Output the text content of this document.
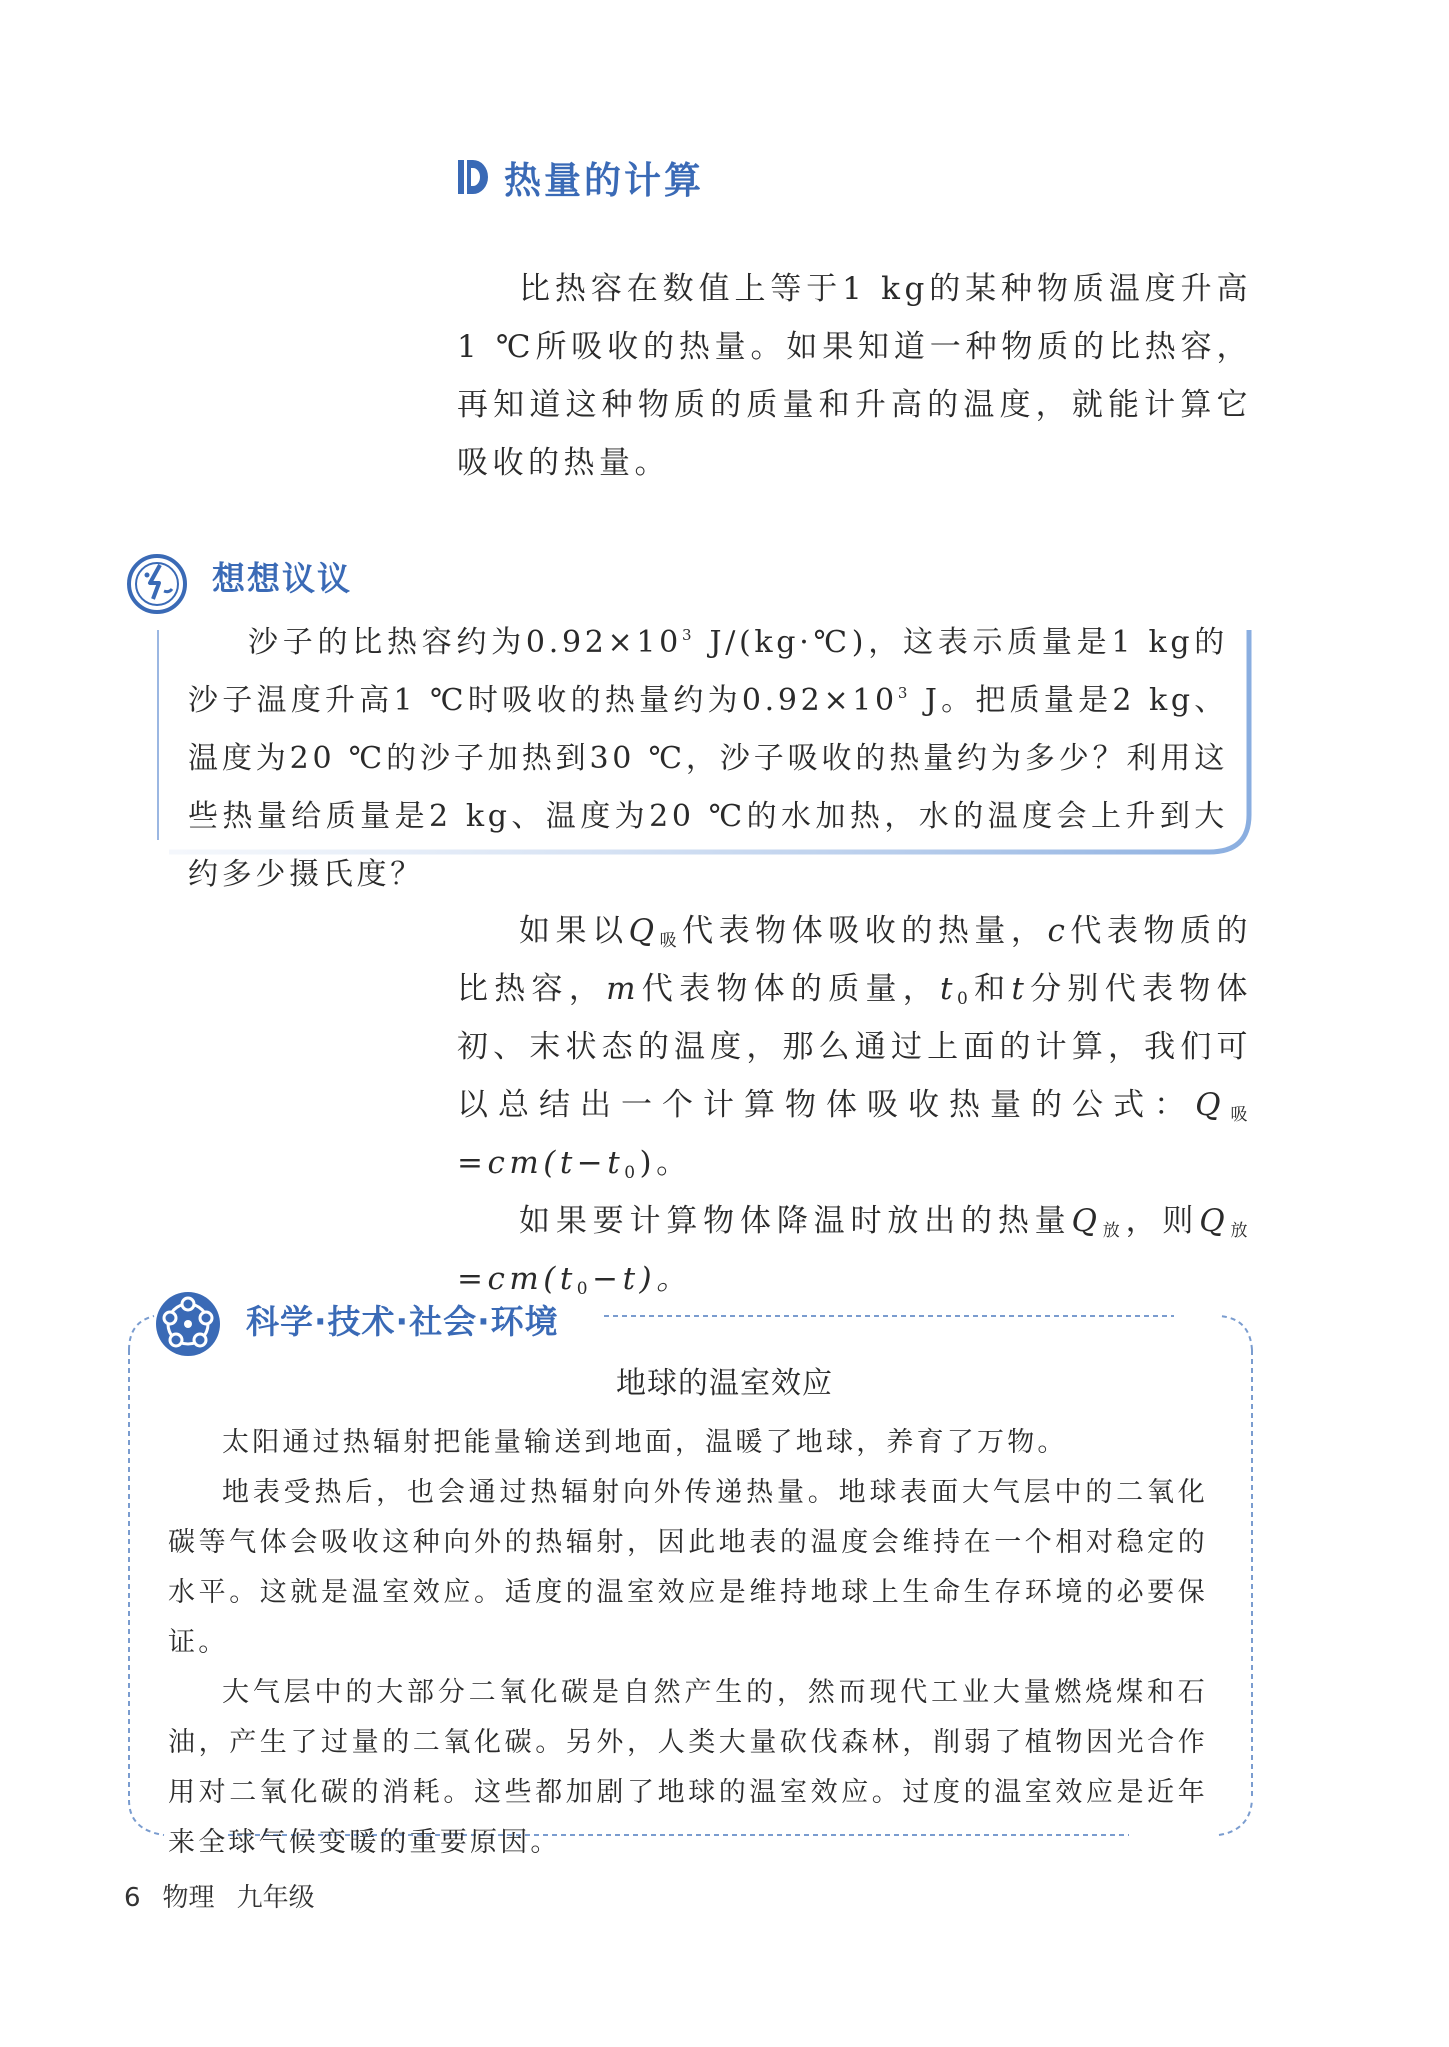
热量的计算

比热容在数值上等于1 kg的某种物质温度升高1 ℃所吸收的热量。如果知道一种物质的比热容，再知道这种物质的质量和升高的温度，就能计算它吸收的热量。

想想议议

沙子的比热容约为$0.92\times 10^3$ J/(kg·℃)，这表示质量是1 kg的沙子温度升高1 ℃时吸收的热量约为$0.92\times 10^3$ J。把质量是2 kg、温度为20 ℃的沙子加热到30 ℃，沙子吸收的热量约为多少？利用这些热量给质量是2 kg、温度为20 ℃的水加热，水的温度会上升到大约多少摄氏度？

如果以$Q_吸$代表物体吸收的热量，c代表物质的比热容，m代表物体的质量，$t_0$和t分别代表物体初、末状态的温度，那么通过上面的计算，我们可以总结出一个计算物体吸收热量的公式：$Q_吸=cm(t-t_0)$。

如果要计算物体降温时放出的热量$Q_放$，则$Q_放=cm(t_0-t)$。

科学·技术·社会·环境
地球的温室效应

太阳通过热辐射把能量输送到地面，温暖了地球，养育了万物。

地表受热后，也会通过热辐射向外传递热量。地球表面大气层中的二氧化碳等气体会吸收这种向外的热辐射，因此地表的温度会维持在一个相对稳定的水平。这就是温室效应。适度的温室效应是维持地球上生命生存环境的必要保证。

大气层中的大部分二氧化碳是自然产生的，然而现代工业大量燃烧煤和石油，产生了过量的二氧化碳。另外，人类大量砍伐森林，削弱了植物因光合作用对二氧化碳的消耗。这些都加剧了地球的温室效应。过度的温室效应是近年来全球气候变暖的重要原因。

6 物理 九年级
